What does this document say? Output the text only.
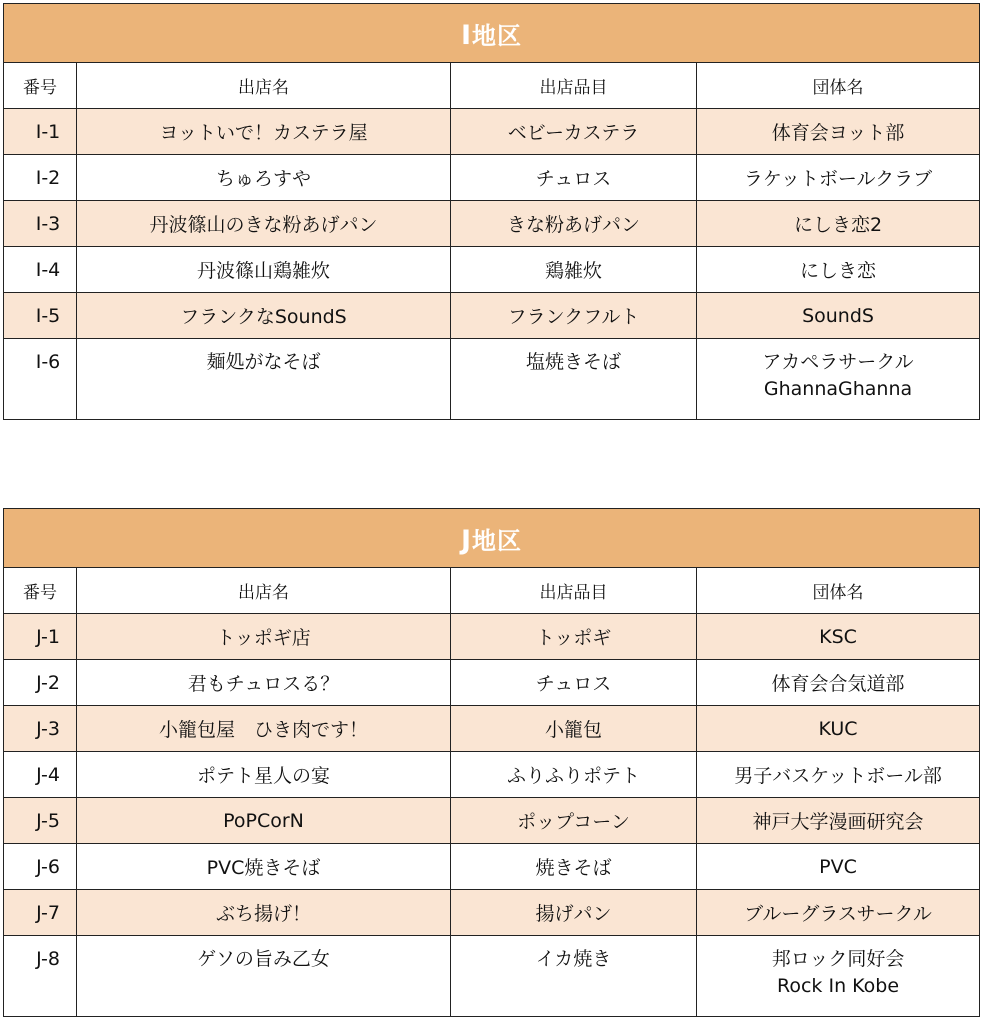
I地区			
番号	出店名	出店品目	団体名
I-1	ヨットいで！カステラ屋	ベビーカステラ	体育会ヨット部
I-2	ちゅろすや	チュロス	ラケットボールクラブ
I-3	丹波篠山のきな粉あげパン	きな粉あげパン	にしき恋2
I-4	丹波篠山鶏雑炊	鶏雑炊	にしき恋
I-5	フランクなSoundS	フランクフルト	SoundS
I-6	麺処がなそば	塩焼きそば	アカペラサークル
GhannaGhanna
J地区			
番号	出店名	出店品目	団体名
J-1	トッポギ店	トッポギ	KSC
J-2	君もチュロスる？	チュロス	体育会合気道部
J-3	小籠包屋　ひき肉です！	小籠包	KUC
J-4	ポテト星人の宴	ふりふりポテト	男子バスケットボール部
J-5	PoPCorN	ポップコーン	神戸大学漫画研究会
J-6	PVC焼きそば	焼きそば	PVC
J-7	ぶち揚げ！	揚げパン	ブルーグラスサークル
J-8	ゲソの旨み乙女	イカ焼き	邦ロック同好会
Rock In Kobe
